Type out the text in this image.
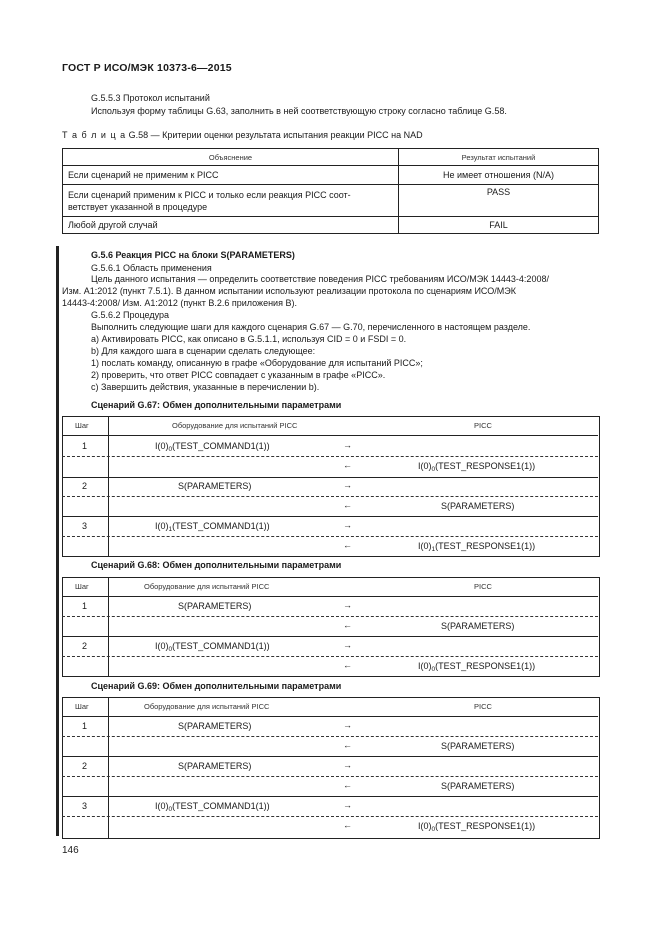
ГОСТ Р ИСО/МЭК 10373-6—2015
G.5.5.3 Протокол испытаний
Используя форму таблицы G.63, заполнить в ней соответствующую строку согласно таблице G.58.
Т а б л и ц а G.58 — Критерии оценки результата испытания реакции PICC на NAD
Объяснение	Результат испытаний
Если сценарий не применим к PICC	Не имеет отношения (N/A)
Если сценарий применим к PICC и только если реакция PICC соот-
ветствует указанной в процедуре	PASS
Любой другой случай	FAIL
G.5.6 Реакция PICC на блоки S(PARAMETERS)
G.5.6.1 Область применения
Цель данного испытания — определить соответствие поведения PICC требованиям ИСО/МЭК 14443-4:2008/
Изм. А1:2012 (пункт 7.5.1). В данном испытании используют реализации протокола по сценариям ИСО/МЭК
14443-4:2008/ Изм. А1:2012 (пункт В.2.6 приложения В).
G.5.6.2 Процедура
Выполнить следующие шаги для каждого сценария G.67 — G.70, перечисленного в настоящем разделе.
a) Активировать PICC, как описано в G.5.1.1, используя CID = 0 и FSDI = 0.
b) Для каждого шага в сценарии сделать следующее:
1) послать команду, описанную в графе «Оборудование для испытаний PICC»;
2) проверить, что ответ PICC совпадает с указанным в графе «PICC».
c) Завершить действия, указанные в перечислении b).
Сценарий G.67: Обмен дополнительными параметрами
Шаг	Оборудование для испытаний PICC	PICC
1	$I(0)_0(TEST\_COMMAND1(1))$	→
←	$I(0)_0(TEST\_RESPONSE1(1))$
2	S(PARAMETERS)	→
←	S(PARAMETERS)
3	$I(0)_1(TEST\_COMMAND1(1))$	→
←	$I(0)_1(TEST\_RESPONSE1(1))$
Сценарий G.68: Обмен дополнительными параметрами
Шаг	Оборудование для испытаний PICC	PICC
1	S(PARAMETERS)	→
←	S(PARAMETERS)
2	$I(0)_0(TEST\_COMMAND1(1))$	→
←	$I(0)_0(TEST\_RESPONSE1(1))$
Сценарий G.69: Обмен дополнительными параметрами
Шаг	Оборудование для испытаний PICC	PICC
1	S(PARAMETERS)	→
←	S(PARAMETERS)
2	S(PARAMETERS)	→
←	S(PARAMETERS)
3	$I(0)_0(TEST\_COMMAND1(1))$	→
←	$I(0)_0(TEST\_RESPONSE1(1))$
146
